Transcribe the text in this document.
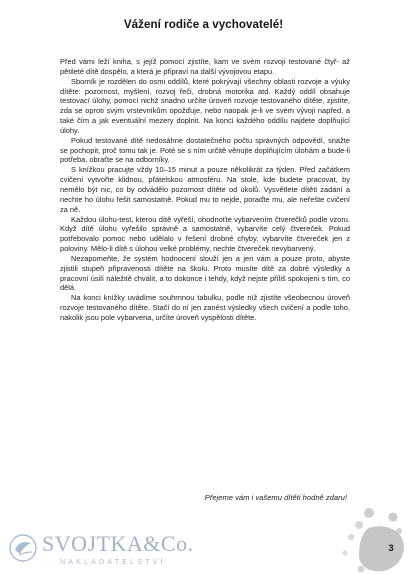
Vážení rodiče a vychovatelé!

Před vámi leží kniha, s jejíž pomocí zjistíte, kam ve svém rozvoji testované čtyř- až pětileté dítě dospělo, a která je připraví na další vývojovou etapu.

Sborník je rozdělen do osmi oddílů, které pokrývají všechny oblasti rozvoje a výuky dítěte: pozornost, myšlení, rozvoj řeči, drobná motorika atd. Každý oddíl obsahuje testovací úlohy, pomocí nichž snadno určíte úroveň rozvoje testovaného dítěte, zjistíte, zda se oproti svým vrstevníkům opožďuje, nebo naopak je-li ve svém vývoji napřed, a také čím a jak eventuální mezery doplnit. Na konci každého oddílu najdete doplňující úlohy.

Pokud testované dítě nedosáhne dostatečného počtu správných odpovědí, snažte se pochopit, proč tomu tak je. Poté se s ním určitě věnujte doplňujícím úlohám a bude-li potřeba, obraťte se na odborníky.

S knížkou pracujte vždy 10–15 minut a pouze několikrát za týden. Před začátkem cvičení vytvořte klidnou, přátelskou atmosféru. Na stole, kde budete pracovat, by nemělo být nic, co by odvádělo pozornost dítěte od úkolů. Vysvětlete dítěti zadání a nechte ho úlohu řešit samostatně. Pokud mu to nejde, poraďte mu, ale neřešte cvičení za ně.

Každou úlohu-test, kterou dítě vyřeší, ohodnoťte vybarvením čtverečků podle vzoru. Když dítě úlohu vyřešilo správně a samostatně, vybarvíte celý čtvereček. Pokud potřebovalo pomoc nebo udělalo v řešení drobné chyby, vybarvíte čtvereček jen z poloviny. Mělo-li dítě s úlohou velké problémy, nechte čtvereček nevybarvený.

Nezapomeňte, že systém hodnocení slouží jen a jen vám a pouze proto, abyste zjistili stupeň připravenosti dítěte na školu. Proto musíte dítě za dobré výsledky a pracovní úsilí náležitě chválit, a to dokonce i tehdy, když nejste příliš spokojeni s tím, co dělá.

Na konci knížky uvádíme souhrnnou tabulku, podle níž zjistíte všeobecnou úroveň rozvoje testovaného dítěte. Stačí do ní jen zanést výsledky všech cvičení a podle toho, nakolik jsou pole vybarvena, určíte úroveň vyspělosti dítěte.

Přejeme vám i vašemu dítěti hodně zdaru!
SVOJTKA&Co.
NAKLADATELSTVÍ
3
